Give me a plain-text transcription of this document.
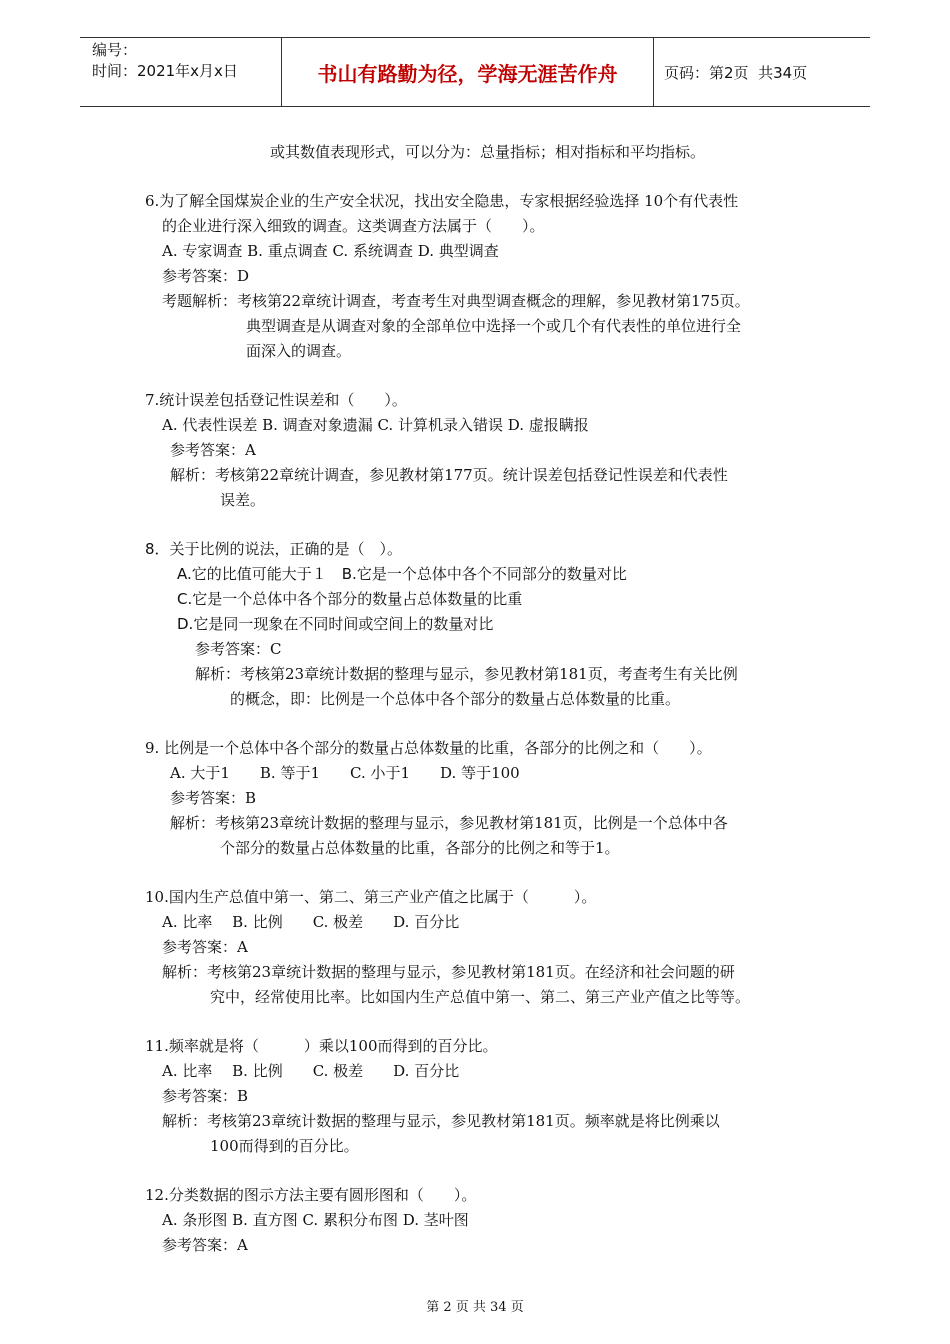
编号：
时间：2021年x月x日	书山有路勤为径，学海无涯苦作舟	页码：第2页  共34页
或其数值表现形式，可以分为：总量指标；相对指标和平均指标。
6.为了解全国煤炭企业的生产安全状况，找出安全隐患，专家根据经验选择 10个有代表性
的企业进行深入细致的调查。这类调查方法属于（　　）。
A. 专家调查 B. 重点调查 C. 系统调查 D. 典型调查
参考答案：D
考题解析：考核第22章统计调查，考查考生对典型调查概念的理解，参见教材第175页。
典型调查是从调查对象的全部单位中选择一个或几个有代表性的单位进行全
面深入的调查。
7.统计误差包括登记性误差和（　　）。
A. 代表性误差 B. 调查对象遗漏 C. 计算机录入错误 D. 虚报瞒报
参考答案：A
解析：考核第22章统计调查，参见教材第177页。统计误差包括登记性误差和代表性
误差。
8．关于比例的说法，正确的是（　）。
A.它的比值可能大于１　B.它是一个总体中各个不同部分的数量对比
C.它是一个总体中各个部分的数量占总体数量的比重
D.它是同一现象在不同时间或空间上的数量对比
参考答案：C
解析：考核第23章统计数据的整理与显示，参见教材第181页，考查考生有关比例
的概念，即：比例是一个总体中各个部分的数量占总体数量的比重。
9. 比例是一个总体中各个部分的数量占总体数量的比重，各部分的比例之和（　　）。
A. 大于1　　B. 等于1　　C. 小于1　　D. 等于100
参考答案：B
解析：考核第23章统计数据的整理与显示，参见教材第181页，比例是一个总体中各
个部分的数量占总体数量的比重，各部分的比例之和等于1。
10.国内生产总值中第一、第二、第三产业产值之比属于（　　　）。
A. 比率　 B. 比例　　C. 极差　　D. 百分比
参考答案：A
解析：考核第23章统计数据的整理与显示，参见教材第181页。在经济和社会问题的研
究中，经常使用比率。比如国内生产总值中第一、第二、第三产业产值之比等等。
11.频率就是将（　　　）乘以100而得到的百分比。
A. 比率　 B. 比例　　C. 极差　　D. 百分比
参考答案：B
解析：考核第23章统计数据的整理与显示，参见教材第181页。频率就是将比例乘以
100而得到的百分比。
12.分类数据的图示方法主要有圆形图和（　　）。
A. 条形图 B. 直方图 C. 累积分布图 D. 茎叶图
参考答案：A
第 2 页 共 34 页
